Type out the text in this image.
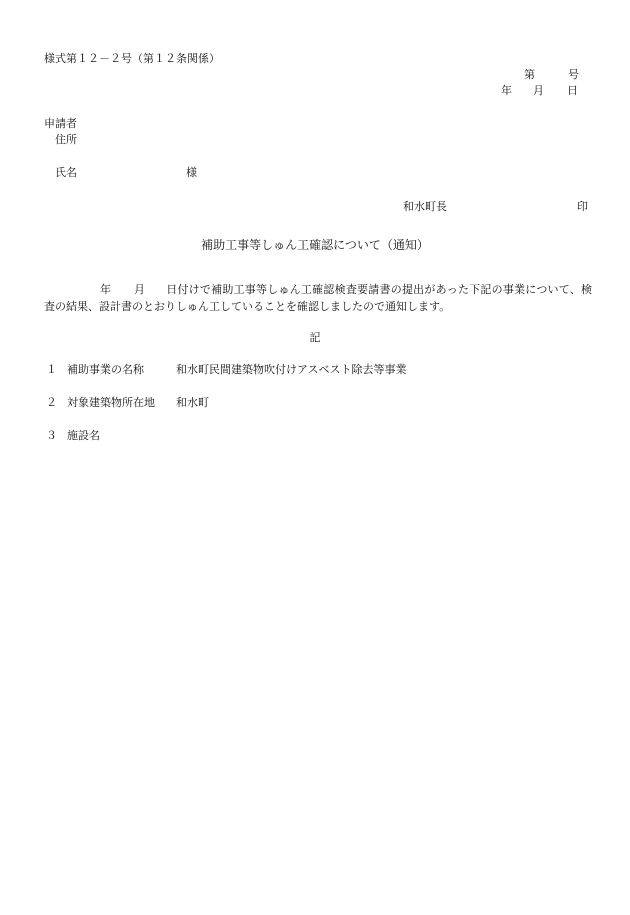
様式第１２－２号（第１２条関係）
第	号
年 月 日
申請者
住所
氏名	様
和水町長	印
補助工事等しゅん工確認について（通知）
年 月 日付けで補助工事等しゅん工確認検査要請書の提出があった下記の事業について、検査の結果、設計書のとおりしゅん工していることを確認しましたので通知します。
記
１ 補助事業の名称	和水町民間建築物吹付けアスベスト除去等事業
２ 対象建築物所在地 和水町
３ 施設名
